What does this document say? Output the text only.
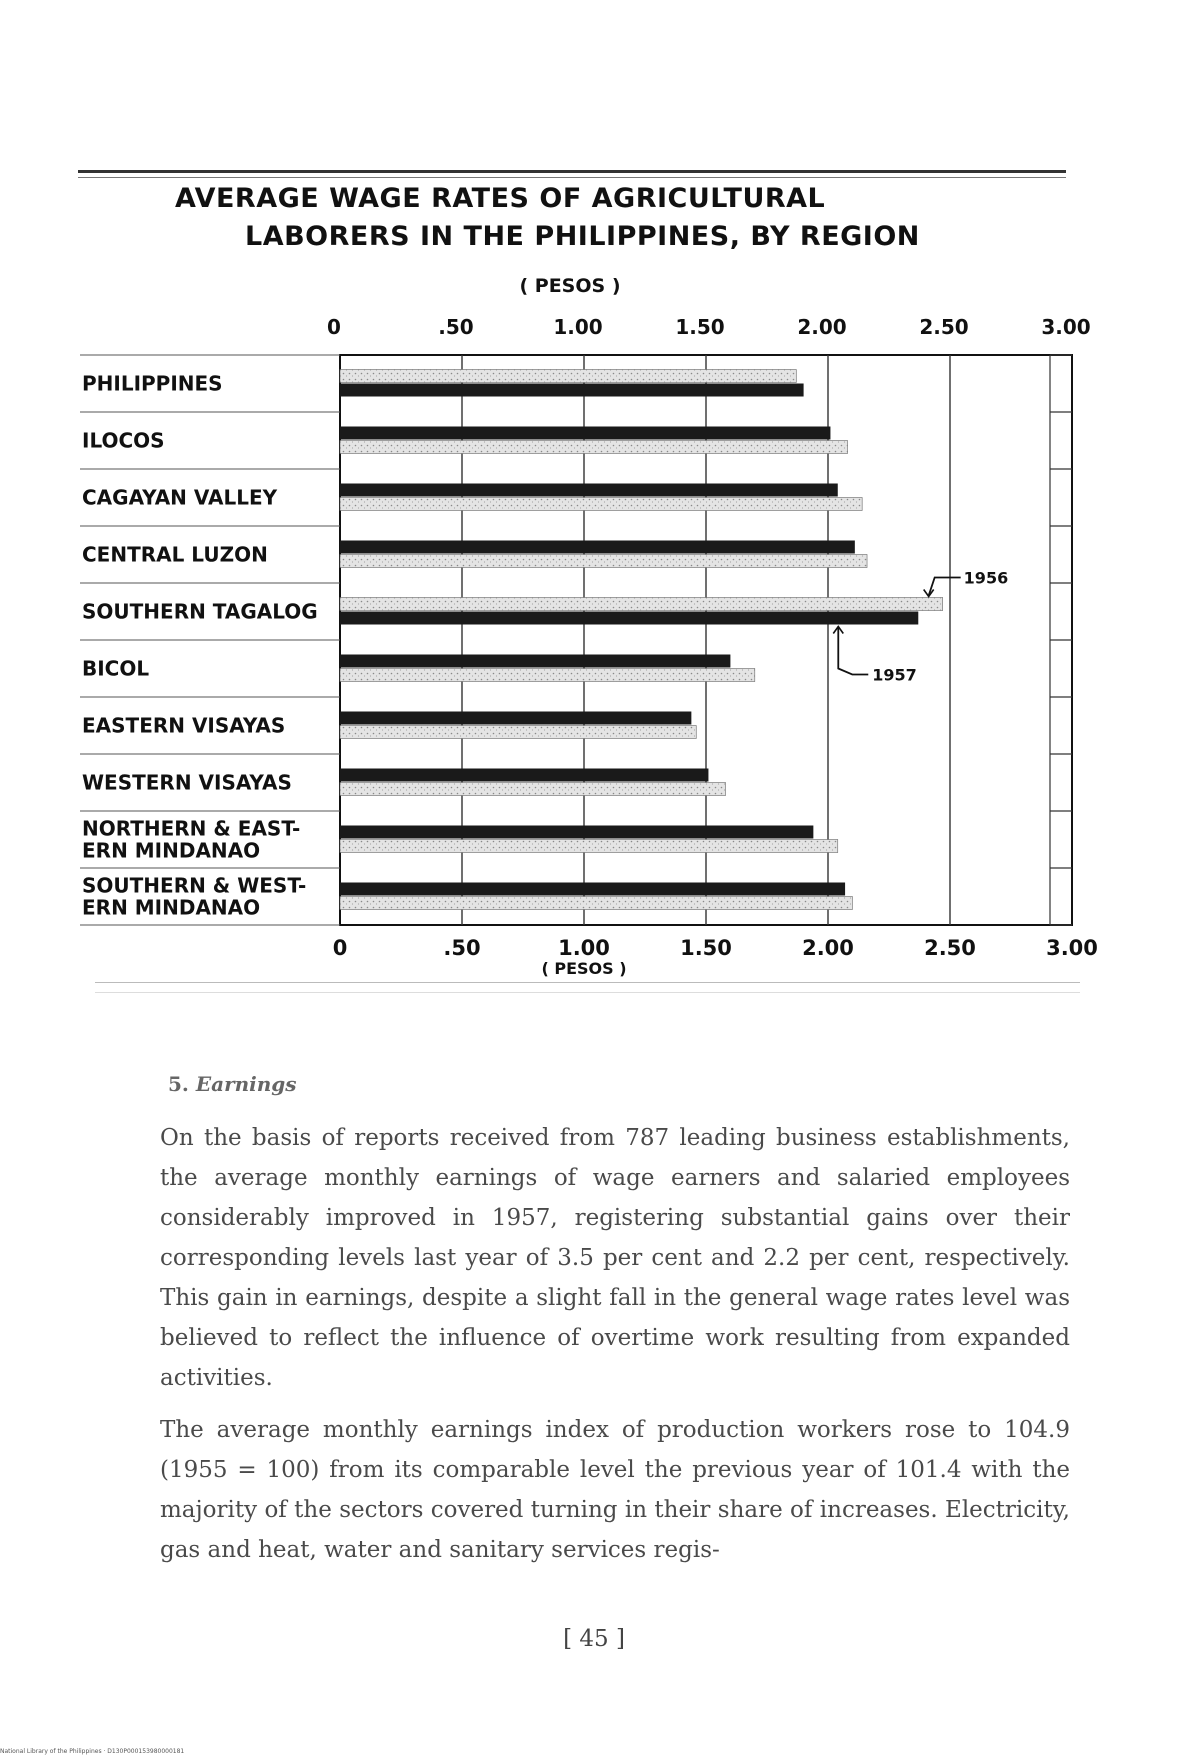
AVERAGE WAGE RATES OF AGRICULTURAL
LABORERS IN THE PHILIPPINES, BY REGION
PHILIPPINES
ILOCOS
CAGAYAN VALLEY
CENTRAL LUZON
SOUTHERN TAGALOG
BICOL
EASTERN VISAYAS
WESTERN VISAYAS
NORTHERN & EAST-ERN MINDANAO
SOUTHERN & WEST-ERN MINDANAO
( PESOS )
0
0
.50
.50
1.00
1.00
1.50
1.50
2.00
2.00
2.50
2.50
3.00
3.00
( PESOS )
1956
1957
5. Earnings

On the basis of reports received from 787 leading business establishments, the average monthly earnings of wage earners and salaried employees considerably improved in 1957, registering substantial gains over their corresponding levels last year of 3.5 per cent and 2.2 per cent, respectively. This gain in earnings, despite a slight fall in the general wage rates level was believed to reflect the influence of overtime work resulting from expanded activities.

The average monthly earnings index of production workers rose to 104.9 (1955 = 100) from its comparable level the previous year of 101.4 with the majority of the sectors covered turning in their share of increases. Electricity, gas and heat, water and sanitary services regis-

[ 45 ]

National Library of the Philippines · D130P000153980000181
